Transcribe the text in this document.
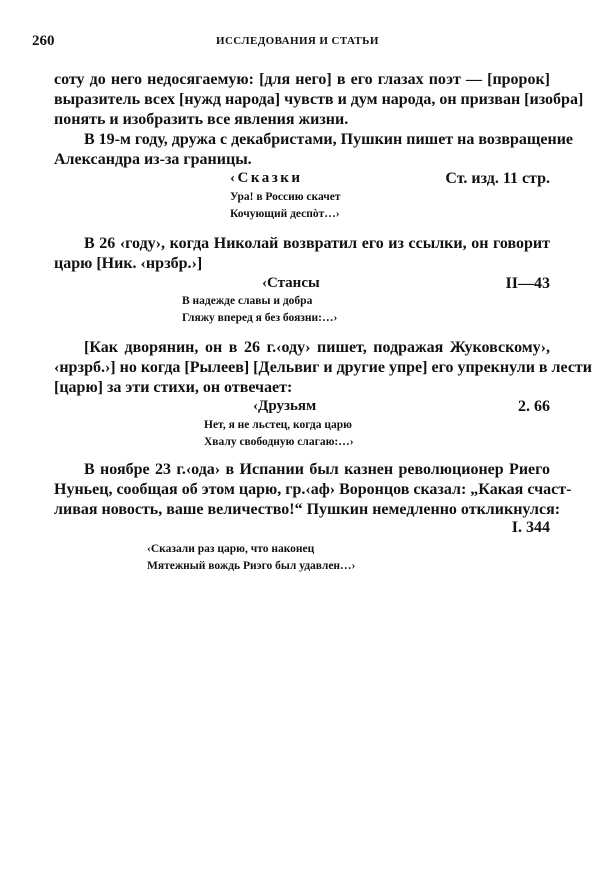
260	ИССЛЕДОВАНИЯ И СТАТЬИ
соту до него недосягаемую: [для него] в его глазах поэт — [пророк]
выразитель всех [нужд народа] чувств и дум народа, он призван [изобра]
понять и изобразить все явления жизни.
В 19-м году, дружа с декабристами, Пушкин пишет на возвращение
Александра из-за границы.
‹Сказки	Ст. изд. 11 стр.
Ура! в Россию скачет
Кочующий деспòт…›
В 26 ‹году›, когда Николай возвратил его из ссылки, он говорит
царю [Ник. ‹нрзбр.›]
‹Стансы	II—43
В надежде славы и добра
Гляжу вперед я без боязни:…›
[Как дворянин, он в 26 г.‹оду› пишет, подражая Жуковскому›,
‹нрзрб.›] но когда [Рылеев] [Дельвиг и другие упре] его упрекнули в лести
[царю] за эти стихи, он отвечает:
‹Друзьям	2. 66
Нет, я не льстец, когда царю
Хвалу свободную слагаю:…›
В ноябре 23 г.‹ода› в Испании был казнен революционер Риего
Нуньец, сообщая об этом царю, гр.‹аф› Воронцов сказал: „Какая счаст-
ливая новость, ваше величество!“ Пушкин немедленно откликнулся:
I. 344
‹Сказали раз царю, что наконец
Мятежный вождь Риэго был удавлен…›
